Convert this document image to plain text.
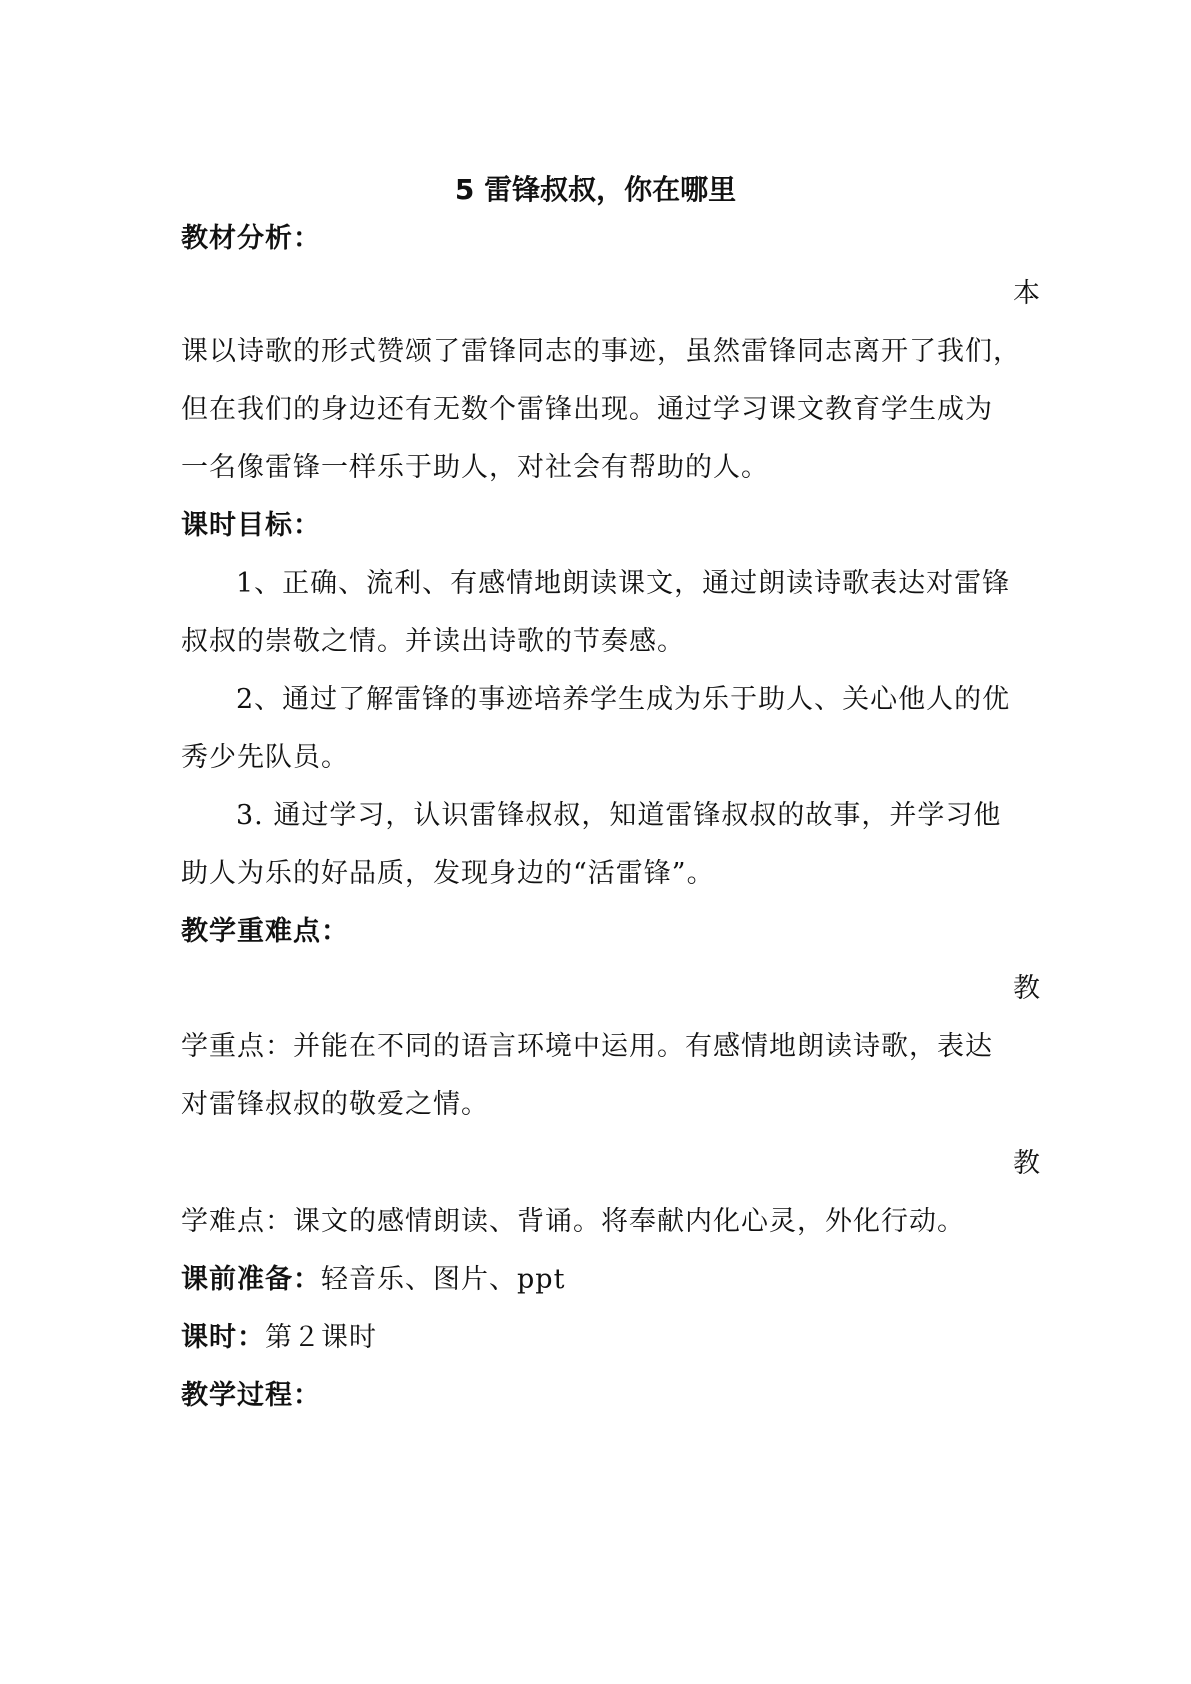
5 雷锋叔叔，你在哪里
教材分析：
本
课以诗歌的形式赞颂了雷锋同志的事迹，虽然雷锋同志离开了我们，
但在我们的身边还有无数个雷锋出现。通过学习课文教育学生成为
一名像雷锋一样乐于助人，对社会有帮助的人。
课时目标：
1、正确、流利、有感情地朗读课文，通过朗读诗歌表达对雷锋
叔叔的崇敬之情。并读出诗歌的节奏感。
2、通过了解雷锋的事迹培养学生成为乐于助人、关心他人的优
秀少先队员。
3. 通过学习，认识雷锋叔叔，知道雷锋叔叔的故事，并学习他
助人为乐的好品质，发现身边的“活雷锋”。
教学重难点：
教
学重点：并能在不同的语言环境中运用。有感情地朗读诗歌，表达
对雷锋叔叔的敬爱之情。
教
学难点：课文的感情朗读、背诵。将奉献内化心灵，外化行动。
课前准备：轻音乐、图片、ppt
课时：第２课时
教学过程：
